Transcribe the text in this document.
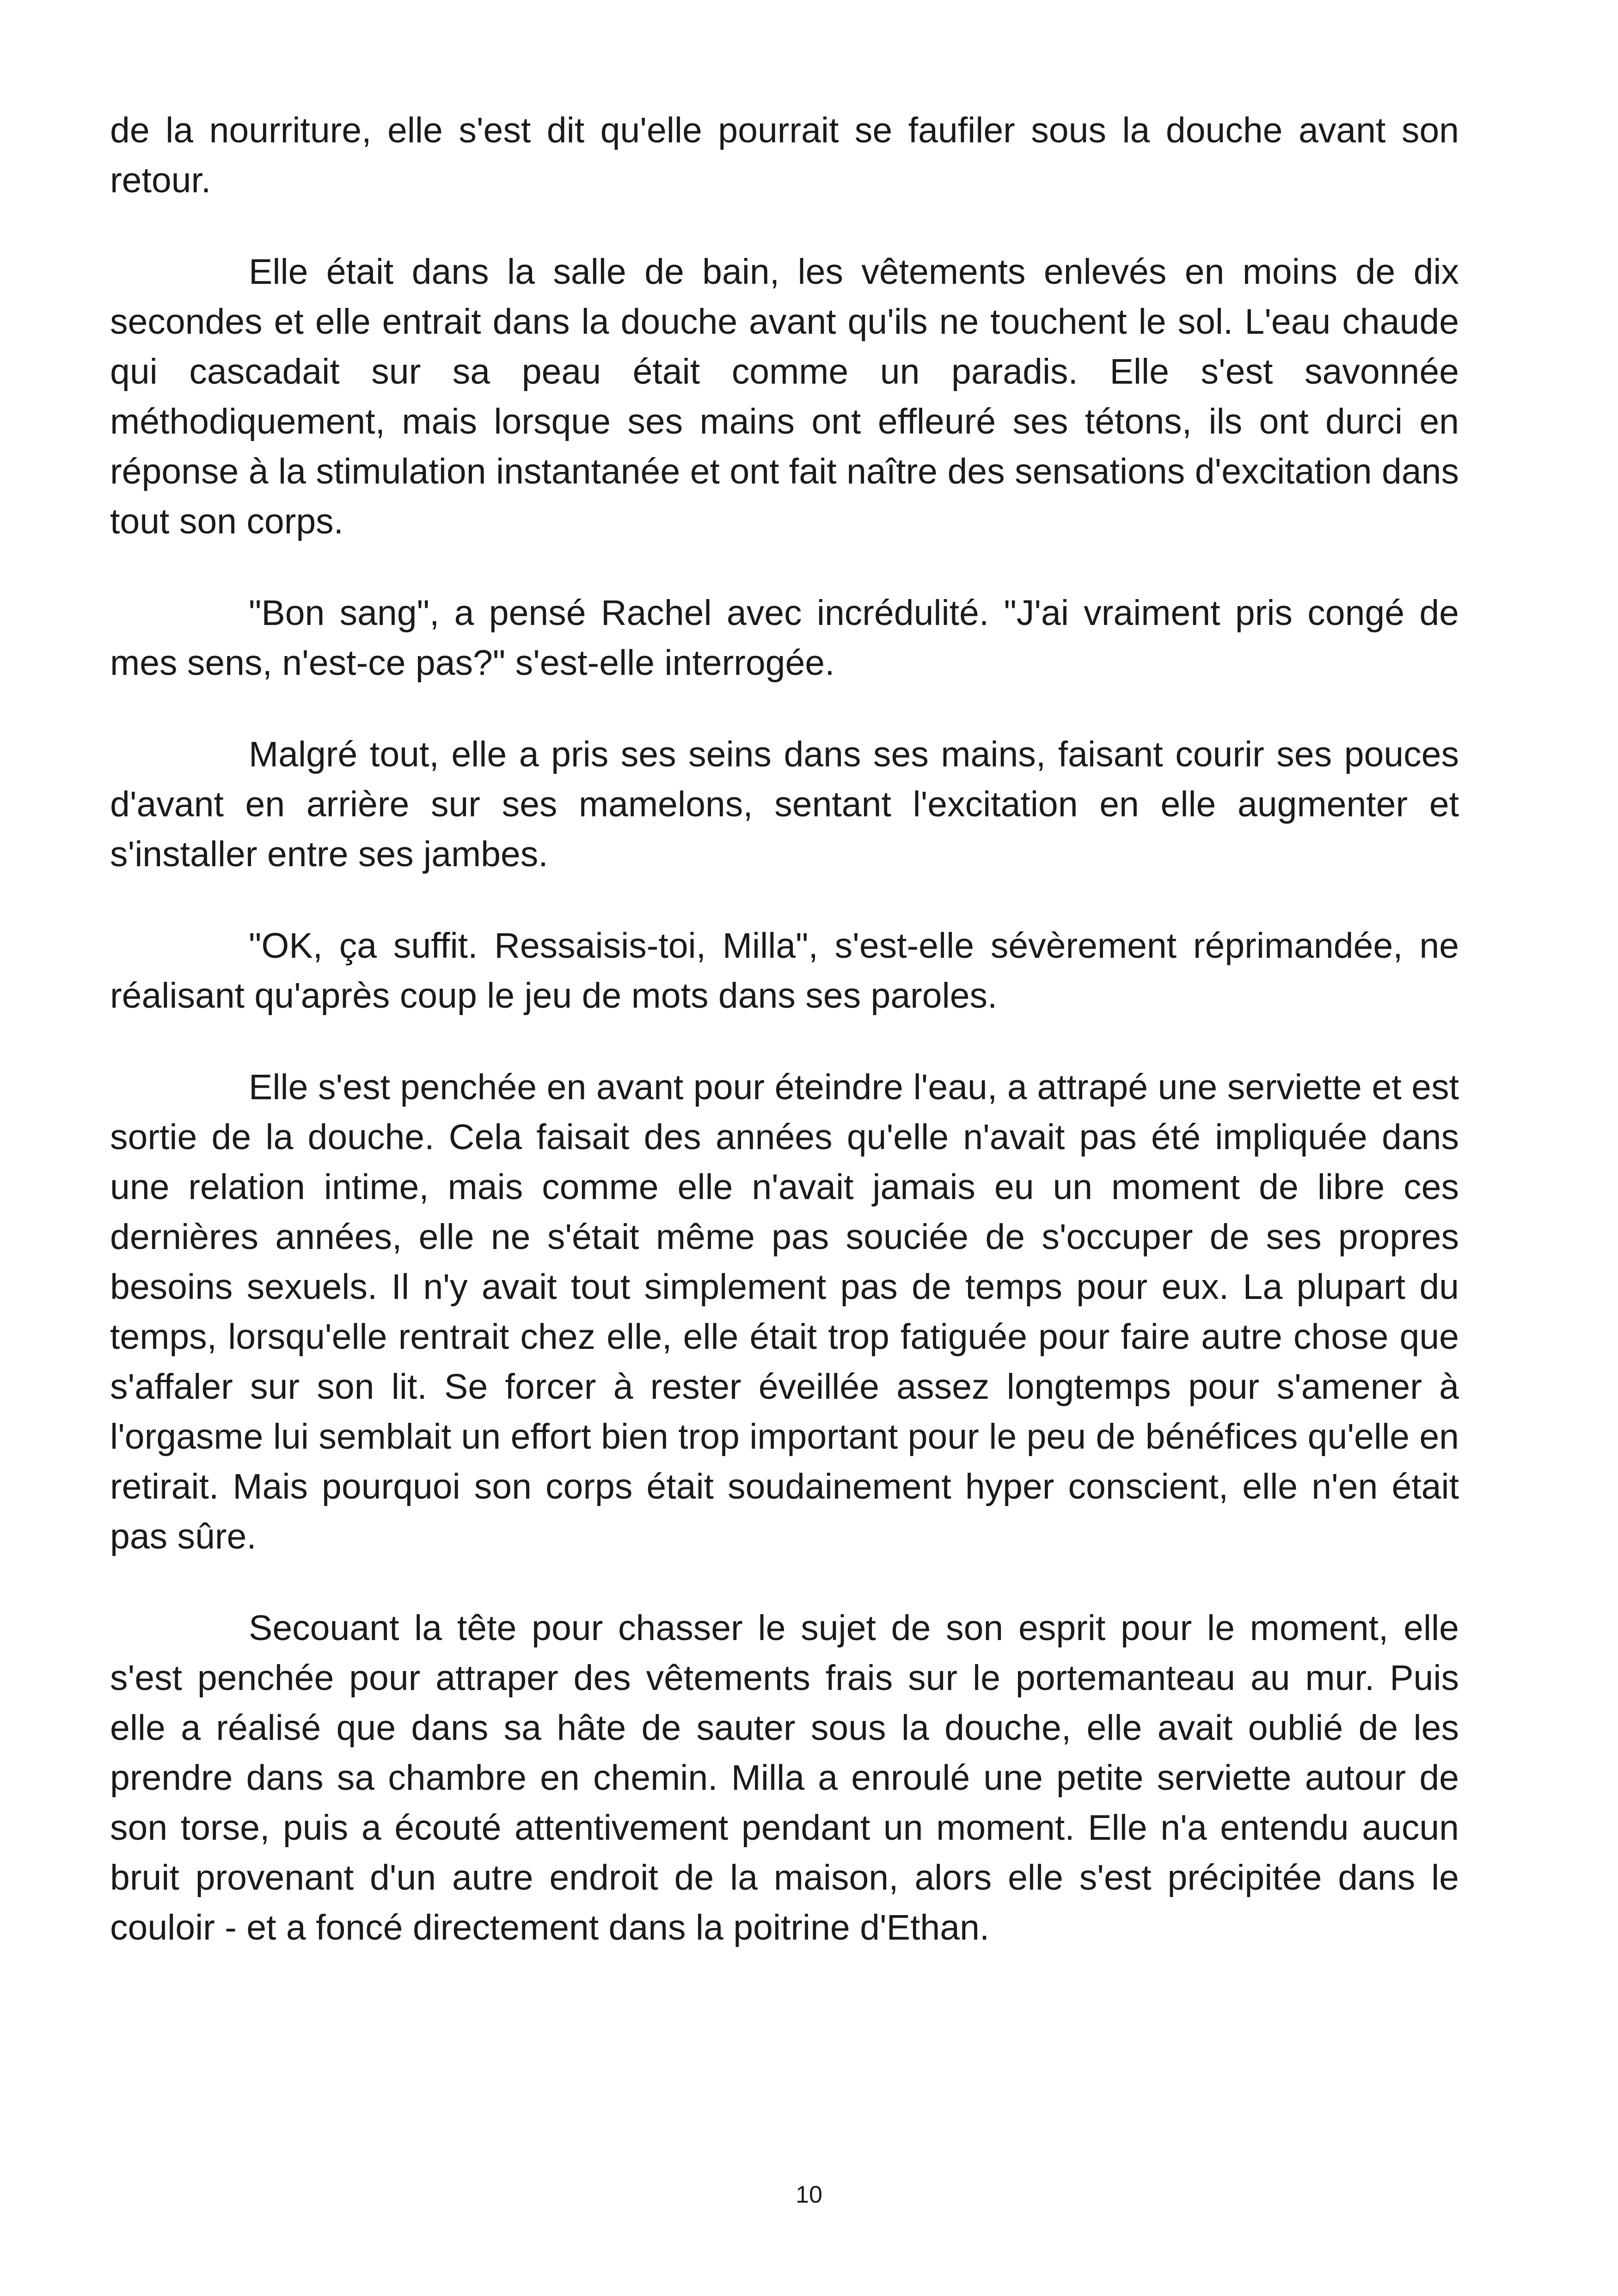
de la nourriture, elle s'est dit qu'elle pourrait se faufiler sous la douche avant son retour.

Elle était dans la salle de bain, les vêtements enlevés en moins de dix secondes et elle entrait dans la douche avant qu'ils ne touchent le sol. L'eau chaude qui cascadait sur sa peau était comme un paradis. Elle s'est savonnée méthodiquement, mais lorsque ses mains ont effleuré ses tétons, ils ont durci en réponse à la stimulation instantanée et ont fait naître des sensations d'excitation dans tout son corps.

"Bon sang", a pensé Rachel avec incrédulité. "J'ai vraiment pris congé de mes sens, n'est-ce pas?" s'est-elle interrogée.

Malgré tout, elle a pris ses seins dans ses mains, faisant courir ses pouces d'avant en arrière sur ses mamelons, sentant l'excitation en elle augmenter et s'installer entre ses jambes.

"OK, ça suffit. Ressaisis-toi, Milla", s'est-elle sévèrement réprimandée, ne réalisant qu'après coup le jeu de mots dans ses paroles.

Elle s'est penchée en avant pour éteindre l'eau, a attrapé une serviette et est sortie de la douche. Cela faisait des années qu'elle n'avait pas été impliquée dans une relation intime, mais comme elle n'avait jamais eu un moment de libre ces dernières années, elle ne s'était même pas souciée de s'occuper de ses propres besoins sexuels. Il n'y avait tout simplement pas de temps pour eux. La plupart du temps, lorsqu'elle rentrait chez elle, elle était trop fatiguée pour faire autre chose que s'affaler sur son lit. Se forcer à rester éveillée assez longtemps pour s'amener à l'orgasme lui semblait un effort bien trop important pour le peu de bénéfices qu'elle en retirait. Mais pourquoi son corps était soudainement hyper conscient, elle n'en était pas sûre.

Secouant la tête pour chasser le sujet de son esprit pour le moment, elle s'est penchée pour attraper des vêtements frais sur le portemanteau au mur. Puis elle a réalisé que dans sa hâte de sauter sous la douche, elle avait oublié de les prendre dans sa chambre en chemin. Milla a enroulé une petite serviette autour de son torse, puis a écouté attentivement pendant un moment. Elle n'a entendu aucun bruit provenant d'un autre endroit de la maison, alors elle s'est précipitée dans le couloir - et a foncé directement dans la poitrine d'Ethan.

10
